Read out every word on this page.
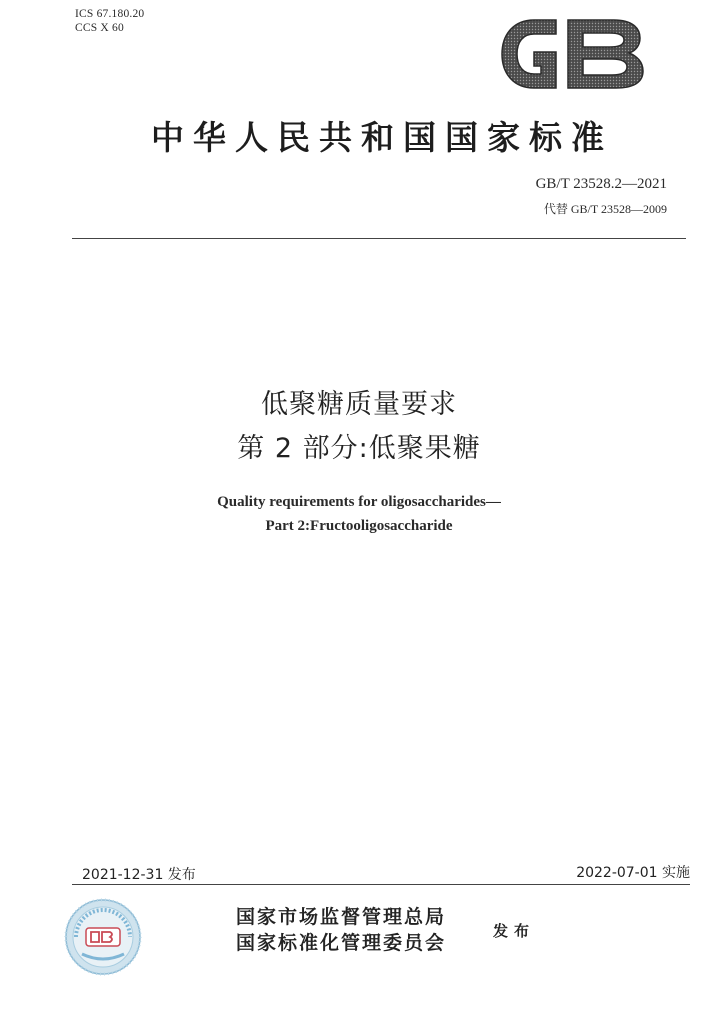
ICS 67.180.20
CCS X 60
中华人民共和国国家标准
GB/T 23528.2—2021
代替 GB/T 23528—2009
低聚糖质量要求
第 2 部分:低聚果糖
Quality requirements for oligosaccharides—
Part 2:Fructooligosaccharide
2021-12-31 发布	2022-07-01 实施
国家市场监督管理总局
国家标准化管理委员会
发布
